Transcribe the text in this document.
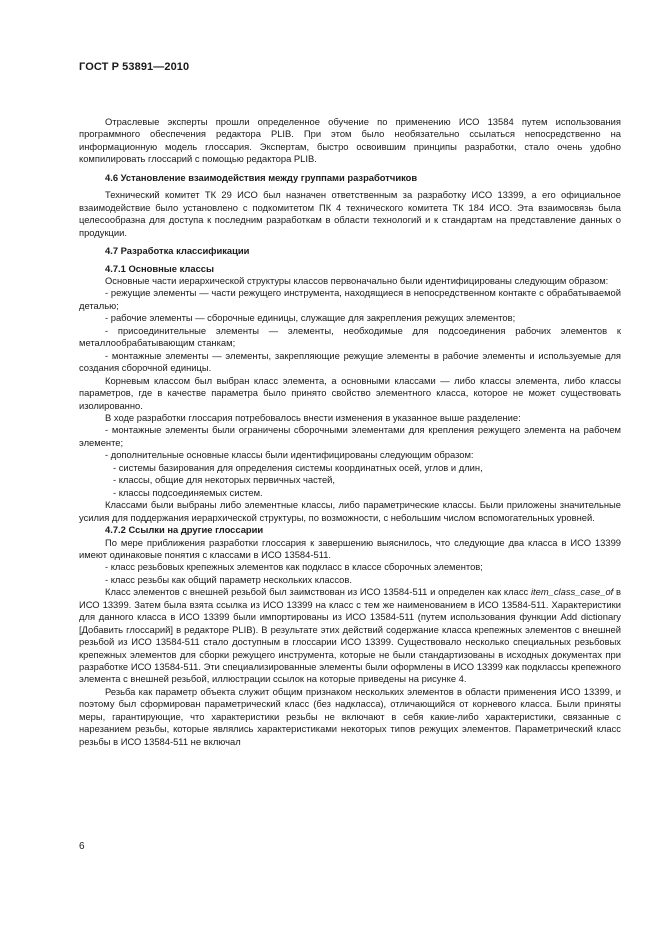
ГОСТ Р 53891—2010

Отраслевые эксперты прошли определенное обучение по применению ИСО 13584 путем использования программного обеспечения редактора PLIB. При этом было необязательно ссылаться непосредственно на информационную модель глоссария. Экспертам, быстро освоившим принципы разработки, стало очень удобно компилировать глоссарий с помощью редактора PLIB.

4.6 Установление взаимодействия между группами разработчиков

Технический комитет ТК 29 ИСО был назначен ответственным за разработку ИСО 13399, а его официальное взаимодействие было установлено с подкомитетом ПК 4 технического комитета ТК 184 ИСО. Эта взаимосвязь была целесообразна для доступа к последним разработкам в области технологий и к стандартам на представление данных о продукции.

4.7 Разработка классификации
4.7.1 Основные классы

Основные части иерархической структуры классов первоначально были идентифицированы следующим образом:

- режущие элементы — части режущего инструмента, находящиеся в непосредственном контакте с обрабатываемой деталью;

- рабочие элементы — сборочные единицы, служащие для закрепления режущих элементов;

- присоединительные элементы — элементы, необходимые для подсоединения рабочих элементов к металлообрабатывающим станкам;

- монтажные элементы — элементы, закрепляющие режущие элементы в рабочие элементы и используемые для создания сборочной единицы.

Корневым классом был выбран класс элемента, а основными классами — либо классы элемента, либо классы параметров, где в качестве параметра было принято свойство элементного класса, которое не может существовать изолированно.

В ходе разработки глоссария потребовалось внести изменения в указанное выше разделение:

- монтажные элементы были ограничены сборочными элементами для крепления режущего элемента на рабочем элементе;

- дополнительные основные классы были идентифицированы следующим образом:

- системы базирования для определения системы координатных осей, углов и длин,

- классы, общие для некоторых первичных частей,

- классы подсоединяемых систем.

Классами были выбраны либо элементные классы, либо параметрические классы. Были приложены значительные усилия для поддержания иерархической структуры, по возможности, с небольшим числом вспомогательных уровней.

4.7.2 Ссылки на другие глоссарии

По мере приближения разработки глоссария к завершению выяснилось, что следующие два класса в ИСО 13399 имеют одинаковые понятия с классами в ИСО 13584-511.

- класс резьбовых крепежных элементов как подкласс в классе сборочных элементов;

- класс резьбы как общий параметр нескольких классов.

Класс элементов с внешней резьбой был заимствован из ИСО 13584-511 и определен как класс item_class_case_of в ИСО 13399. Затем была взята ссылка из ИСО 13399 на класс с тем же наименованием в ИСО 13584-511. Характеристики для данного класса в ИСО 13399 были импортированы из ИСО 13584-511 (путем использования функции Add dictionary [Добавить глоссарий] в редакторе PLIB). В результате этих действий содержание класса крепежных элементов с внешней резьбой из ИСО 13584-511 стало доступным в глоссарии ИСО 13399. Существовало несколько специальных резьбовых крепежных элементов для сборки режущего инструмента, которые не были стандартизованы в исходных документах при разработке ИСО 13584-511. Эти специализированные элементы были оформлены в ИСО 13399 как подклассы крепежного элемента с внешней резьбой, иллюстрации ссылок на которые приведены на рисунке 4.

Резьба как параметр объекта служит общим признаком нескольких элементов в области применения ИСО 13399, и поэтому был сформирован параметрический класс (без надкласса), отличающийся от корневого класса. Были приняты меры, гарантирующие, что характеристики резьбы не включают в себя какие-либо характеристики, связанные с нарезанием резьбы, которые являлись характеристиками некоторых типов режущих элементов. Параметрический класс резьбы в ИСО 13584-511 не включал

6
